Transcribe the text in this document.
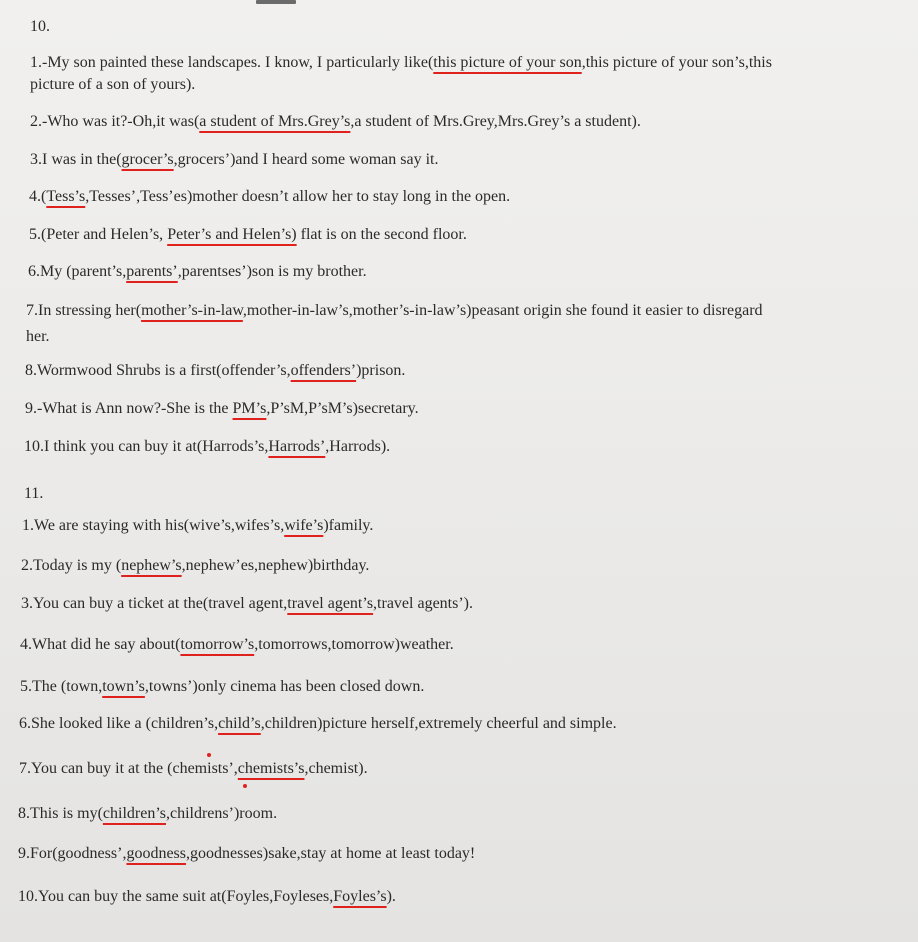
10.
1.-My son painted these landscapes. I know, I particularly like(this picture of your son,this picture of your son’s,this
picture of a son of yours).
2.-Who was it?-Oh,it was(a student of Mrs.Grey’s,a student of Mrs.Grey,Mrs.Grey’s a student).
3.I was in the(grocer’s,grocers’)and I heard some woman say it.
4.(Tess’s,Tesses’,Tess’es)mother doesn’t allow her to stay long in the open.
5.(Peter and Helen’s, Peter’s and Helen’s) flat is on the second floor.
6.My (parent’s,parents’,parentses’)son is my brother.
7.In stressing her(mother’s-in-law,mother-in-law’s,mother’s-in-law’s)peasant origin she found it easier to disregard
her.
8.Wormwood Shrubs is a first(offender’s,offenders’)prison.
9.-What is Ann now?-She is the PM’s,P’sM,P’sM’s)secretary.
10.I think you can buy it at(Harrods’s,Harrods’,Harrods).
11.
1.We are staying with his(wive’s,wifes’s,wife’s)family.
2.Today is my (nephew’s,nephew’es,nephew)birthday.
3.You can buy a ticket at the(travel agent,travel agent’s,travel agents’).
4.What did he say about(tomorrow’s,tomorrows,tomorrow)weather.
5.The (town,town’s,towns’)only cinema has been closed down.
6.She looked like a (children’s,child’s,children)picture herself,extremely cheerful and simple.
7.You can buy it at the (chemists’,chemists’s,chemist).
8.This is my(children’s,childrens’)room.
9.For(goodness’,goodness,goodnesses)sake,stay at home at least today!
10.You can buy the same suit at(Foyles,Foyleses,Foyles’s).
